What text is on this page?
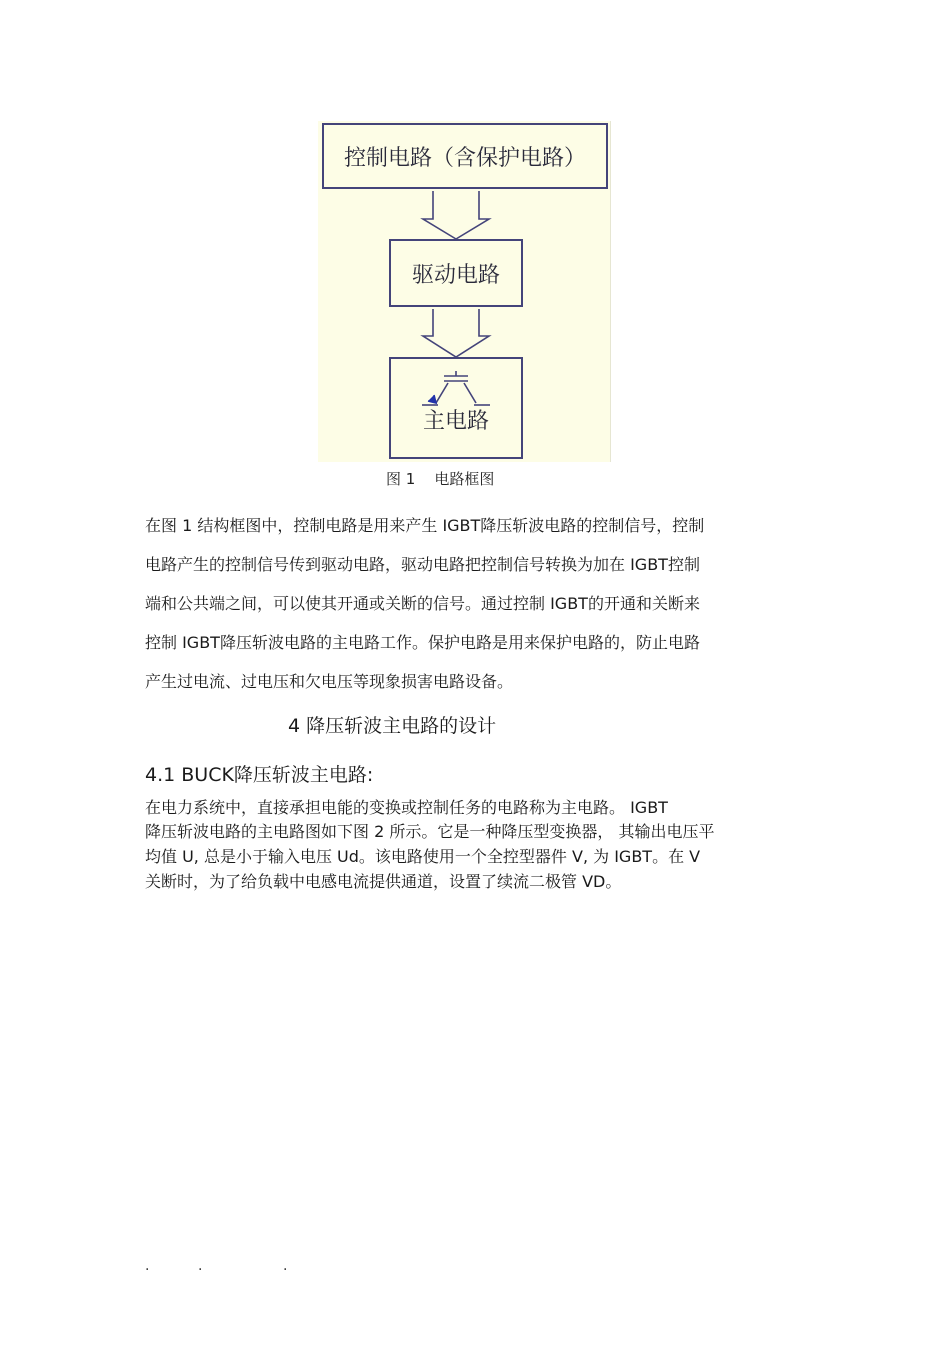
控制电路（含保护电路）
驱动电路
主电路
图 1    电路框图
在图 1 结构框图中，控制电路是用来产生 IGBT降压斩波电路的控制信号，控制
电路产生的控制信号传到驱动电路，驱动电路把控制信号转换为加在 IGBT控制
端和公共端之间，可以使其开通或关断的信号。通过控制 IGBT的开通和关断来
控制 IGBT降压斩波电路的主电路工作。保护电路是用来保护电路的，防止电路
产生过电流、过电压和欠电压等现象损害电路设备。
4 降压斩波主电路的设计
4.1 BUCK降压斩波主电路:
在电力系统中，直接承担电能的变换或控制任务的电路称为主电路。 IGBT
降压斩波电路的主电路图如下图 2 所示。它是一种降压型变换器， 其输出电压平
均值 U, 总是小于输入电压 Ud。该电路使用一个全控型器件 V, 为 IGBT。在 V
关断时，为了给负载中电感电流提供通道，设置了续流二极管 VD。
.	.	.
